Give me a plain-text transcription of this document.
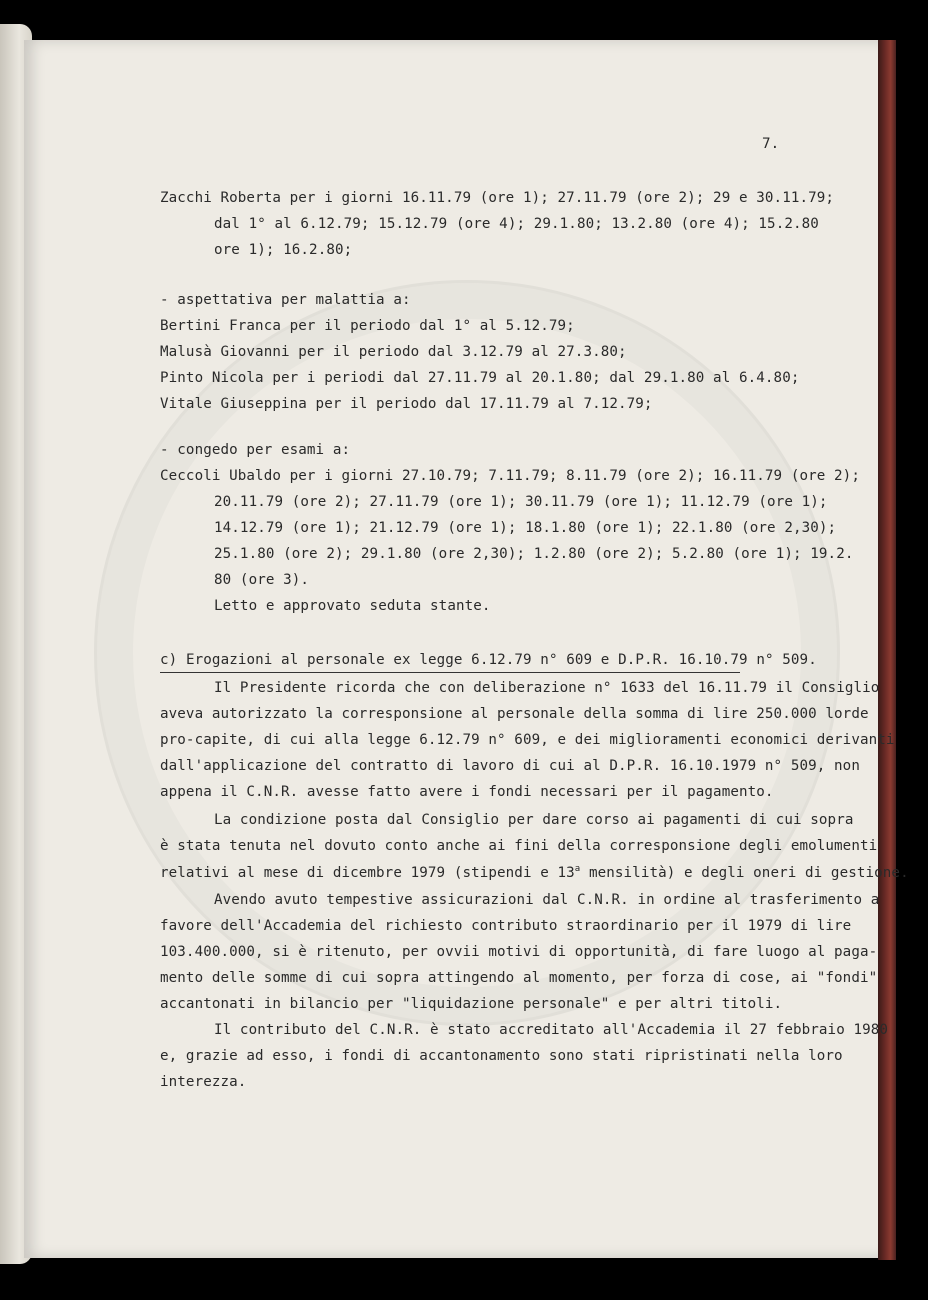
7.
Zacchi Roberta per i giorni 16.11.79 (ore 1); 27.11.79 (ore 2); 29 e 30.11.79;
dal 1° al 6.12.79; 15.12.79 (ore 4); 29.1.80; 13.2.80 (ore 4); 15.2.80
ore 1); 16.2.80;
- aspettativa per malattia a:
Bertini Franca per il periodo dal 1° al 5.12.79;
Malusà Giovanni per il periodo dal 3.12.79 al 27.3.80;
Pinto Nicola per i periodi dal 27.11.79 al 20.1.80; dal 29.1.80 al 6.4.80;
Vitale Giuseppina per il periodo dal 17.11.79 al 7.12.79;
- congedo per esami a:
Ceccoli Ubaldo per i giorni 27.10.79; 7.11.79; 8.11.79 (ore 2); 16.11.79 (ore 2);
20.11.79 (ore 2); 27.11.79 (ore 1); 30.11.79 (ore 1); 11.12.79 (ore 1);
14.12.79 (ore 1); 21.12.79 (ore 1); 18.1.80 (ore 1); 22.1.80 (ore 2,30);
25.1.80 (ore 2); 29.1.80 (ore 2,30); 1.2.80 (ore 2); 5.2.80 (ore 1); 19.2.
80 (ore 3).
Letto e approvato seduta stante.
c) Erogazioni al personale ex legge 6.12.79 n° 609 e D.P.R. 16.10.79 n° 509.
Il Presidente ricorda che con deliberazione n° 1633 del 16.11.79 il Consiglio
aveva autorizzato la corresponsione al personale della somma di lire 250.000 lorde
pro-capite, di cui alla legge 6.12.79 n° 609, e dei miglioramenti economici derivanti
dall'applicazione del contratto di lavoro di cui al D.P.R. 16.10.1979 n° 509, non
appena il C.N.R. avesse fatto avere i fondi necessari per il pagamento.
La condizione posta dal Consiglio per dare corso ai pagamenti di cui sopra
è stata tenuta nel dovuto conto anche ai fini della corresponsione degli emolumenti
relativi al mese di dicembre 1979 (stipendi e 13$^a$ mensilità) e degli oneri di gestione.
Avendo avuto tempestive assicurazioni dal C.N.R. in ordine al trasferimento a
favore dell'Accademia del richiesto contributo straordinario per il 1979 di lire
103.400.000, si è ritenuto, per ovvii motivi di opportunità, di fare luogo al paga-
mento delle somme di cui sopra attingendo al momento, per forza di cose, ai "fondi"
accantonati in bilancio per "liquidazione personale" e per altri titoli.
Il contributo del C.N.R. è stato accreditato all'Accademia il 27 febbraio 1980
e, grazie ad esso, i fondi di accantonamento sono stati ripristinati nella loro
interezza.
